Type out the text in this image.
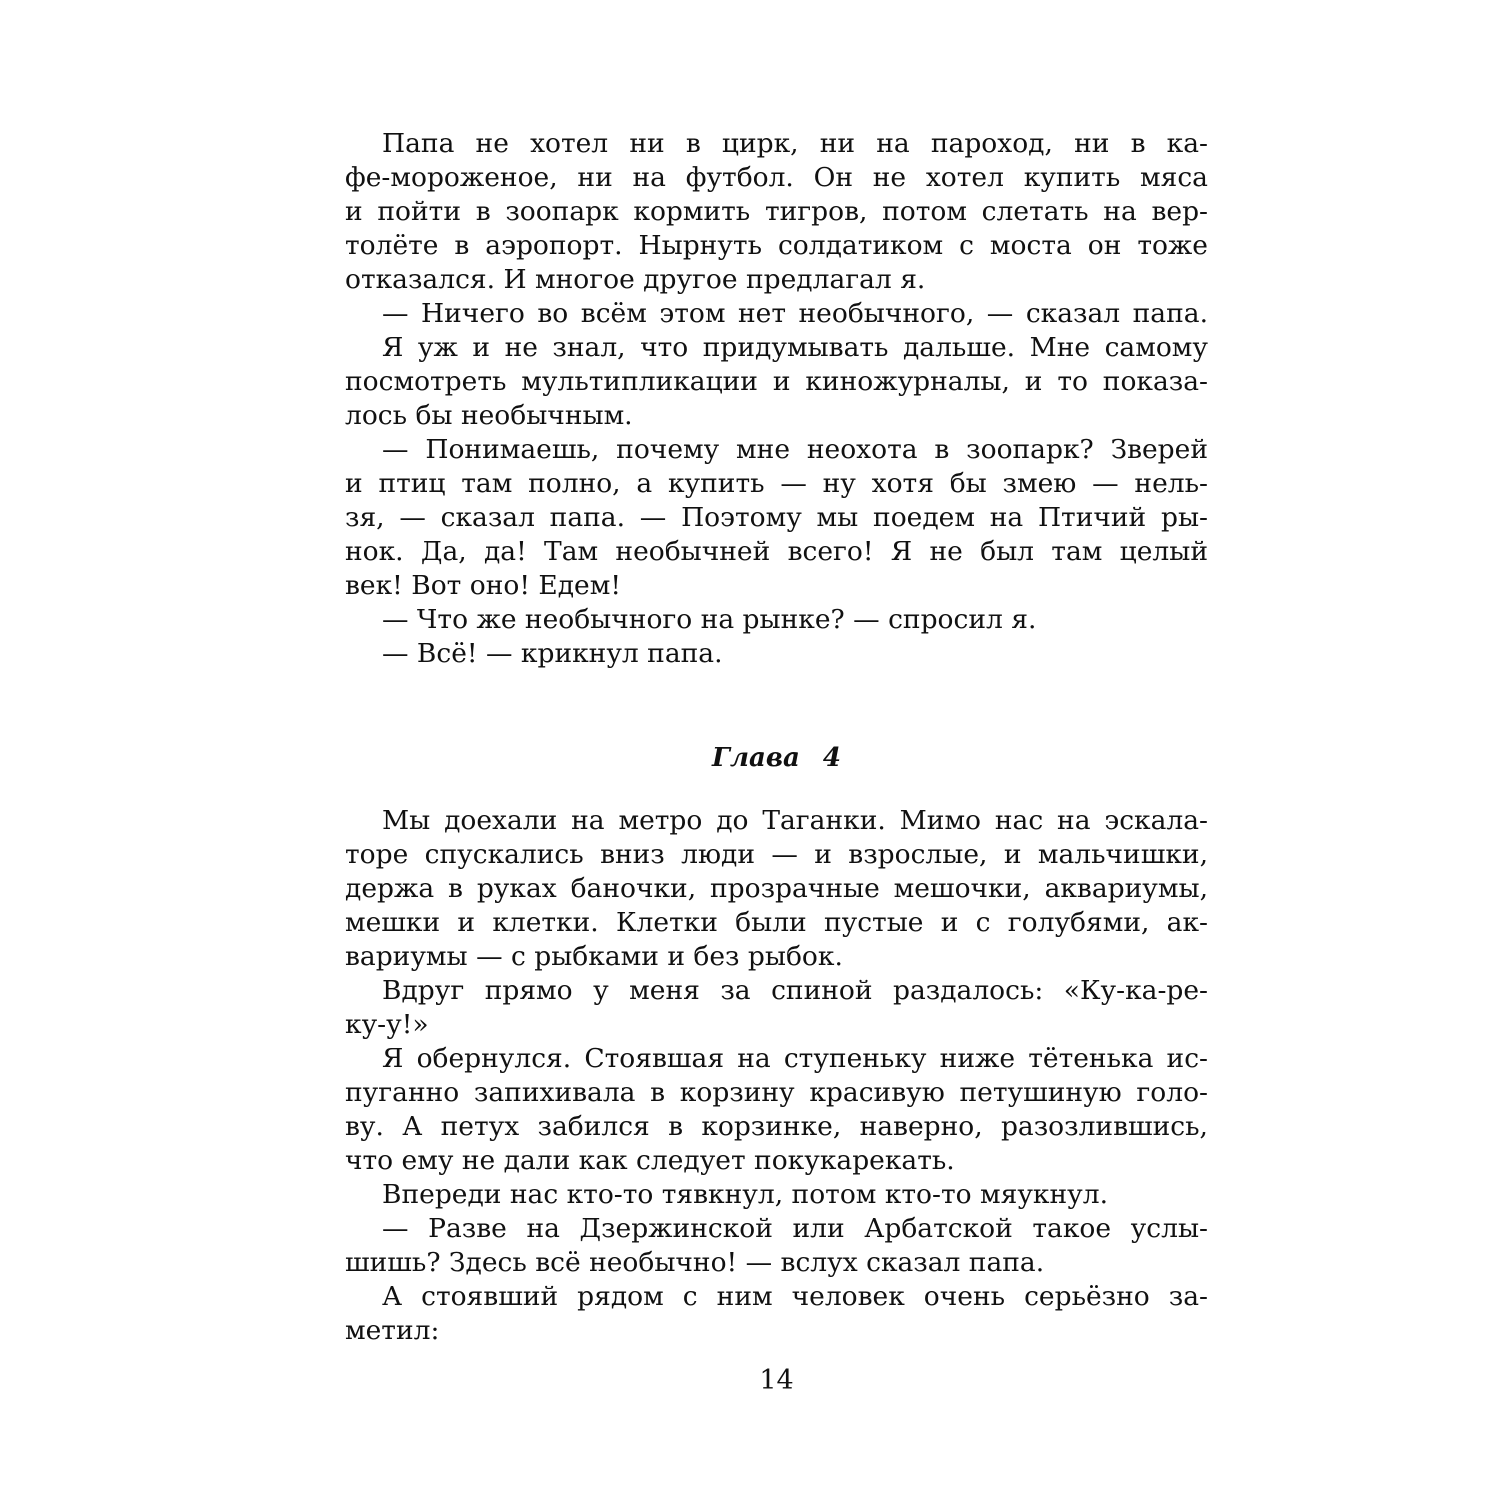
Папа не хотел ни в цирк, ни на пароход, ни в ка-
фе-мороженое, ни на футбол. Он не хотел купить мяса
и пойти в зоопарк кормить тигров, потом слетать на вер-
толёте в аэропорт. Нырнуть солдатиком с моста он тоже
отказался. И многое другое предлагал я.
— Ничего во всём этом нет необычного, — сказал папа.
Я уж и не знал, что придумывать дальше. Мне самому
посмотреть мультипликации и киножурналы, и то показа-
лось бы необычным.
— Понимаешь, почему мне неохота в зоопарк? Зверей
и птиц там полно, а купить — ну хотя бы змею — нель-
зя, — сказал папа. — Поэтому мы поедем на Птичий ры-
нок. Да, да! Там необычней всего! Я не был там целый
век! Вот оно! Едем!
— Что же необычного на рынке? — спросил я.
— Всё! — крикнул папа.
Глава 4
Мы доехали на метро до Таганки. Мимо нас на эскала-
торе спускались вниз люди — и взрослые, и мальчишки,
держа в руках баночки, прозрачные мешочки, аквариумы,
мешки и клетки. Клетки были пустые и с голубями, ак-
вариумы — с рыбками и без рыбок.
Вдруг прямо у меня за спиной раздалось: «Ку-ка-ре-
ку-у!»
Я обернулся. Стоявшая на ступеньку ниже тётенька ис-
пуганно запихивала в корзину красивую петушиную голо-
ву. А петух забился в корзинке, наверно, разозлившись,
что ему не дали как следует покукарекать.
Впереди нас кто-то тявкнул, потом кто-то мяукнул.
— Разве на Дзержинской или Арбатской такое услы-
шишь? Здесь всё необычно! — вслух сказал папа.
А стоявший рядом с ним человек очень серьёзно за-
метил:
14
